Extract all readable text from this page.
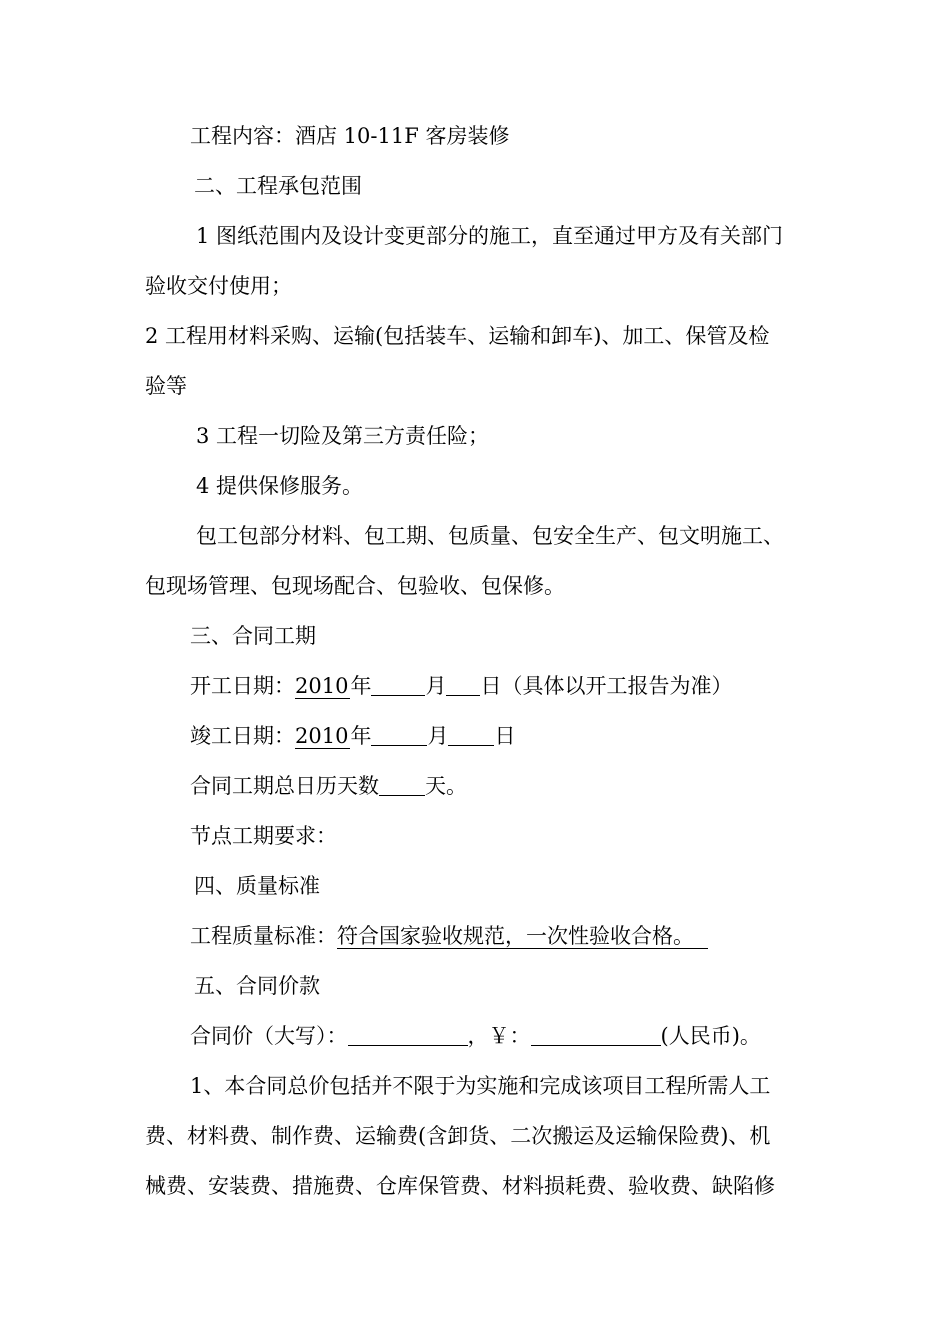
工程内容：酒店 10-11F 客房装修
二、工程承包范围
1 图纸范围内及设计变更部分的施工，直至通过甲方及有关部门
验收交付使用；
2 工程用材料采购、运输(包括装车、运输和卸车)、加工、保管及检
验等
3 工程一切险及第三方责任险；
4 提供保修服务。
包工包部分材料、包工期、包质量、包安全生产、包文明施工、
包现场管理、包现场配合、包验收、包保修。
三、合同工期
开工日期：2010年	月 日（具体以开工报告为准）
竣工日期：2010年	月 日
合同工期总日历天数 天。
节点工期要求：
四、质量标准
工程质量标准：符合国家验收规范，一次性验收合格。
五、合同价款
合同价（大写）：	，￥：	(人民币)。
1、本合同总价包括并不限于为实施和完成该项目工程所需人工
费、材料费、制作费、运输费(含卸货、二次搬运及运输保险费)、机
械费、安装费、措施费、仓库保管费、材料损耗费、验收费、缺陷修
